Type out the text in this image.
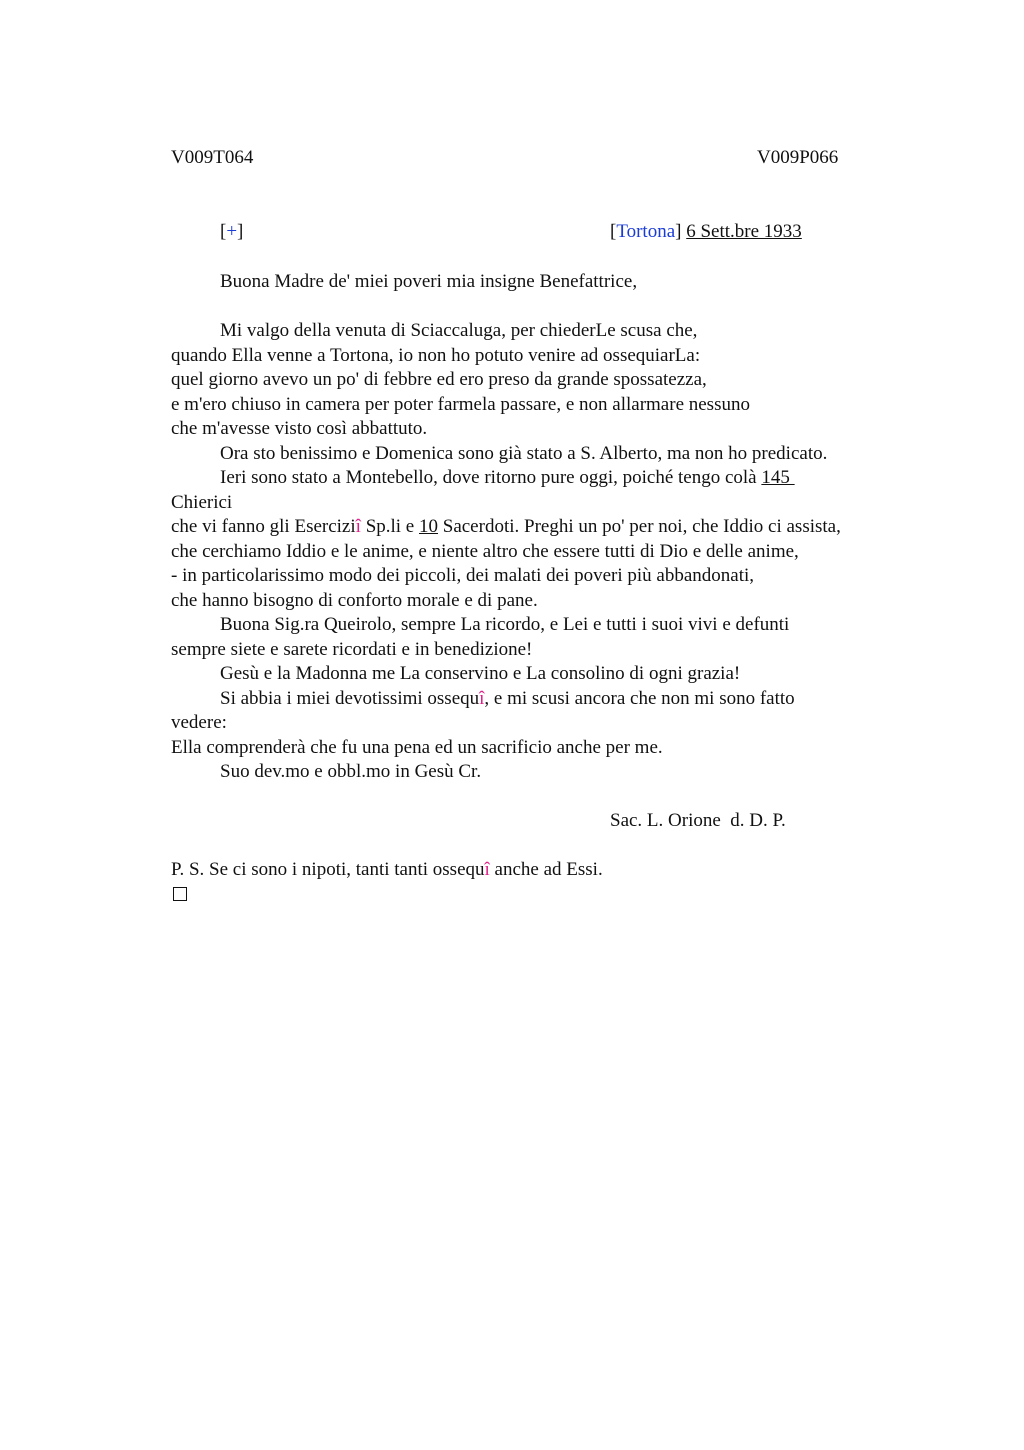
V009T064	V009P066
[+]	[Tortona] 6 Sett.bre 1933
Buona Madre de' miei poveri mia insigne Benefattrice,
Mi valgo della venuta di Sciaccaluga, per chiederLe scusa che,
quando Ella venne a Tortona, io non ho potuto venire ad ossequiarLa:
quel giorno avevo un po' di febbre ed ero preso da grande spossatezza,
e m'ero chiuso in camera per poter farmela passare, e non allarmare nessuno
che m'avesse visto così abbattuto.
Ora sto benissimo e Domenica sono già stato a S. Alberto, ma non ho predicato.
Ieri sono stato a Montebello, dove ritorno pure oggi, poiché tengo colà 145
Chierici
che vi fanno gli Eserciziî Sp.li e 10 Sacerdoti. Preghi un po' per noi, che Iddio ci assista,
che cerchiamo Iddio e le anime, e niente altro che essere tutti di Dio e delle anime,
- in particolarissimo modo dei piccoli, dei malati dei poveri più abbandonati,
che hanno bisogno di conforto morale e di pane.
Buona Sig.ra Queirolo, sempre La ricordo, e Lei e tutti i suoi vivi e defunti
sempre siete e sarete ricordati e in benedizione!
Gesù e la Madonna me La conservino e La consolino di ogni grazia!
Si abbia i miei devotissimi ossequî, e mi scusi ancora che non mi sono fatto
vedere:
Ella comprenderà che fu una pena ed un sacrificio anche per me.
Suo dev.mo e obbl.mo in Gesù Cr.
Sac. L. Orione  d. D. P.
P. S. Se ci sono i nipoti, tanti tanti ossequî anche ad Essi.
